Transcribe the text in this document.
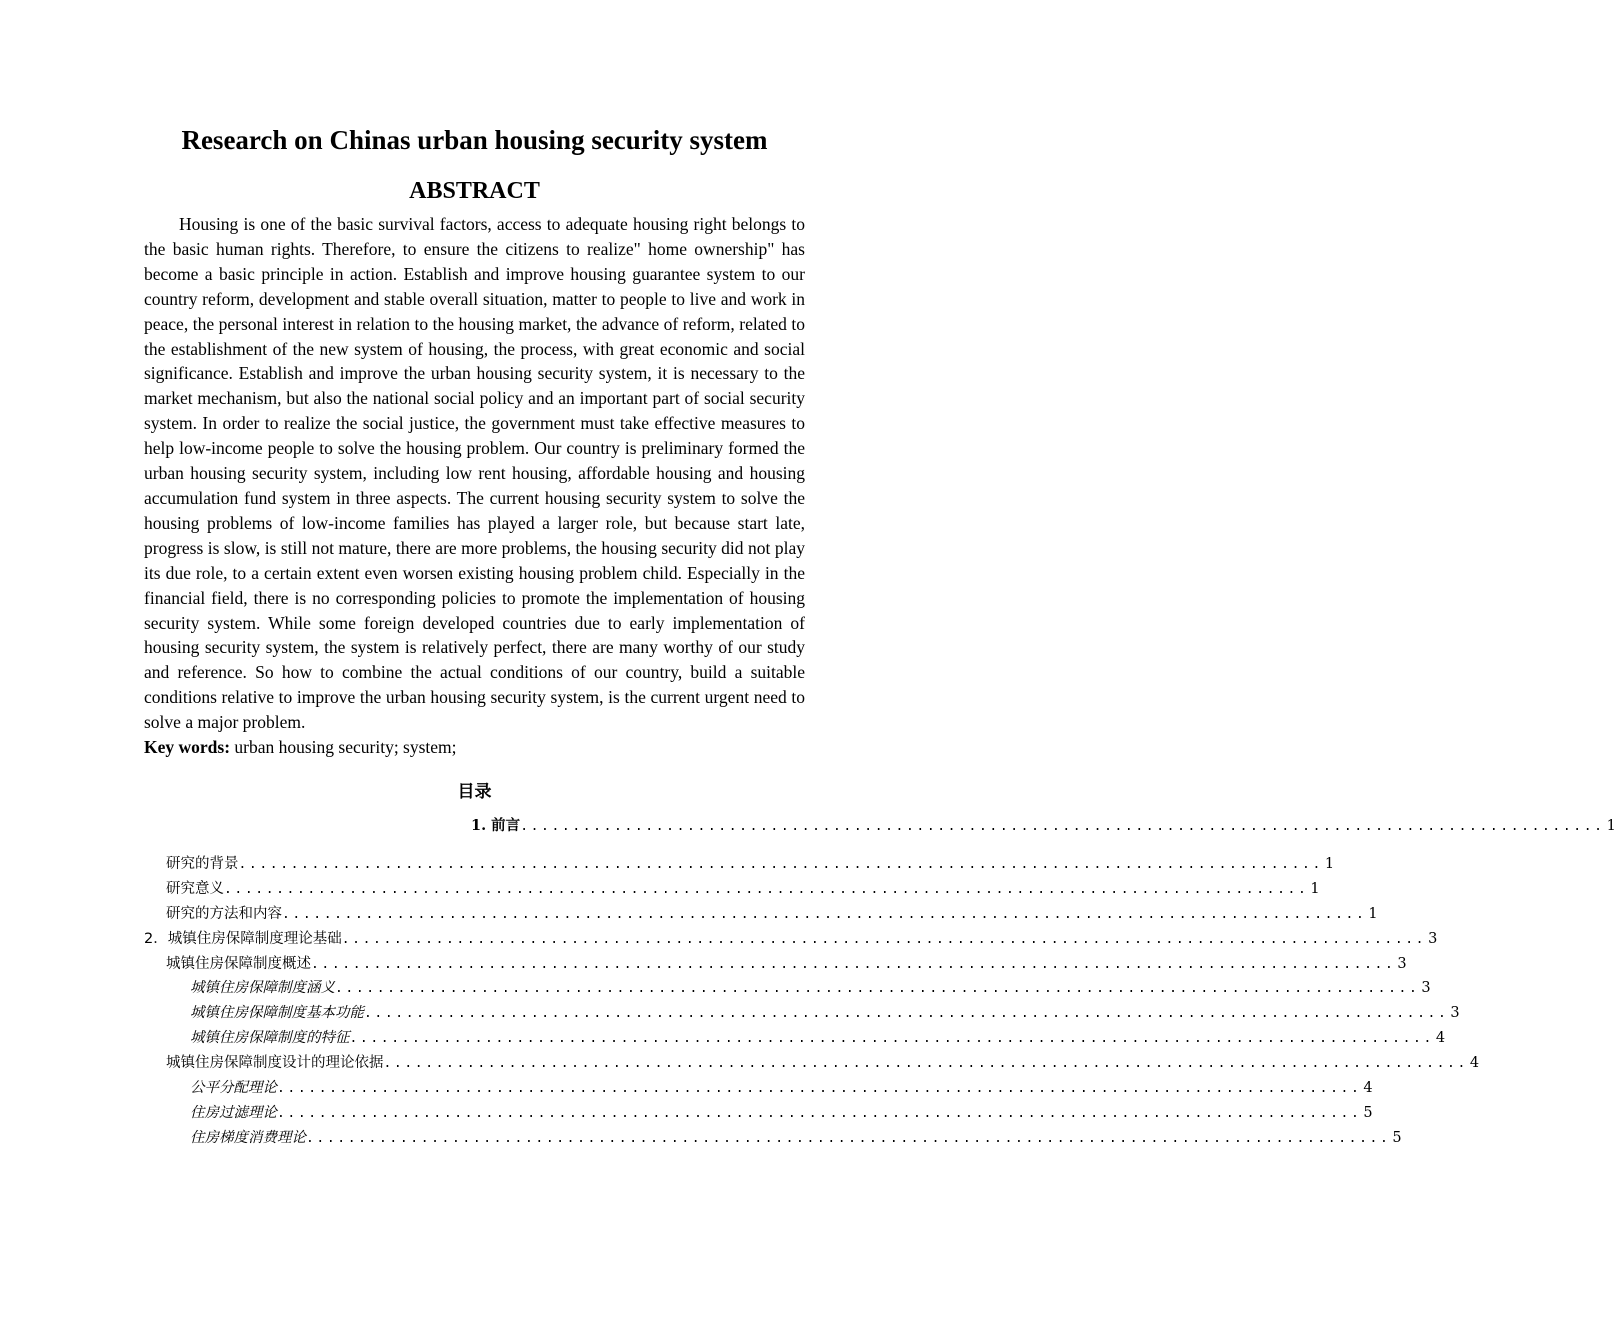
Research on Chinas urban housing security system
ABSTRACT

Housing is one of the basic survival factors, access to adequate housing right belongs to the basic human rights. Therefore, to ensure the citizens to realize" home ownership" has become a basic principle in action. Establish and improve housing guarantee system to our country reform, development and stable overall situation, matter to people to live and work in peace, the personal interest in relation to the housing market, the advance of reform, related to the establishment of the new system of housing, the process, with great economic and social significance. Establish and improve the urban housing security system, it is necessary to the market mechanism, but also the national social policy and an important part of social security system. In order to realize the social justice, the government must take effective measures to help low-income people to solve the housing problem. Our country is preliminary formed the urban housing security system, including low rent housing, affordable housing and housing accumulation fund system in three aspects. The current housing security system to solve the housing problems of low-income families has played a larger role, but because start late, progress is slow, is still not mature, there are more problems, the housing security did not play its due role, to a certain extent even worsen existing housing problem child. Especially in the financial field, there is no corresponding policies to promote the implementation of housing security system. While some foreign developed countries due to early implementation of housing security system, the system is relatively perfect, there are many worthy of our study and reference. So how to combine the actual conditions of our country, build a suitable conditions relative to improve the urban housing security system, is the current urgent need to solve a major problem.

Key words: urban housing security; system;

目录
1. 前言 ........................................................................................................ 1
研究的背景 ........................................................................................................ 1
研究意义 ........................................................................................................ 1
研究的方法和内容 ........................................................................................................ 1
2．城镇住房保障制度理论基础 ........................................................................................................ 3
城镇住房保障制度概述 ........................................................................................................ 3
城镇住房保障制度涵义 ........................................................................................................ 3
城镇住房保障制度基本功能 ........................................................................................................ 3
城镇住房保障制度的特征 ........................................................................................................ 4
城镇住房保障制度设计的理论依据 ........................................................................................................ 4
公平分配理论 ........................................................................................................ 4
住房过滤理论 ........................................................................................................ 5
住房梯度消费理论 ........................................................................................................ 5
